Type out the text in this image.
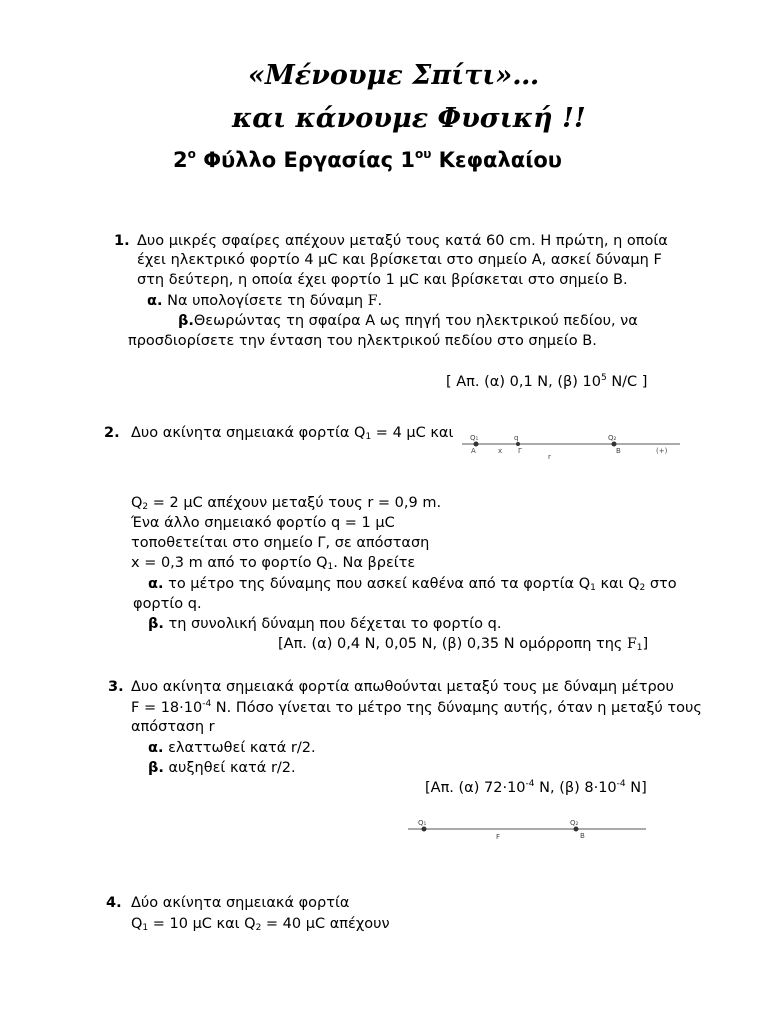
«Μένουμε Σπίτι»…
και κάνουμε Φυσική !!
$2^o$ Φύλλο Εργασίας $1^{o\upsilon}$ Κεφαλαίου
1. Δυο μικρές σφαίρες απέχουν μεταξύ τους κατά 60 cm. Η πρώτη, η οποία
έχει ηλεκτρικό φορτίο 4 μC και βρίσκεται στο σημείο Α, ασκεί δύναμη F
στη δεύτερη, η οποία έχει φορτίο 1 μC και βρίσκεται στο σημείο Β.
α. Να υπολογίσετε τη δύναμη F.
β.Θεωρώντας τη σφαίρα Α ως πηγή του ηλεκτρικού πεδίου, να
προσδιορίσετε την ένταση του ηλεκτρικού πεδίου στο σημείο Β.
[ Απ. (α) 0,1 Ν, (β) $10^5$ N/C ]
2. Δυο ακίνητα σημειακά φορτία Q1 = 4 μC και Q₁	q	Q₂
A	x Γ
r
B	(+)
Q2 = 2 μC απέχουν μεταξύ τους r = 0,9 m.
Ένα άλλο σημειακό φορτίο q = 1 μC
τοποθετείται στο σημείο Γ, σε απόσταση
x = 0,3 m από το φορτίο Q1. Να βρείτε
α. το μέτρο της δύναμης που ασκεί καθένα από τα φορτία Q1 και Q2 στο
φορτίο q.
β. τη συνολική δύναμη που δέχεται το φορτίο q.
[Απ. (α) 0,4 Ν, 0,05 Ν, (β) 0,35 Ν ομόρροπη της F1]
3. Δυο ακίνητα σημειακά φορτία απωθούνται μεταξύ τους με δύναμη μέτρου
$F = 18\cdot 10^{-4}$ Ν. Πόσο γίνεται το μέτρο της δύναμης αυτής, όταν η μεταξύ τους
απόσταση r
α. ελαττωθεί κατά r/2.
β. αυξηθεί κατά r/2.
[Απ. (α) $72\cdot 10^{-4}$ Ν, (β) $8\cdot 10^{-4}$ Ν]
Q₁	Q₂
F	B
4. Δύο ακίνητα σημειακά φορτία
Q1 = 10 μC και Q2 = 40 μC απέχουν
